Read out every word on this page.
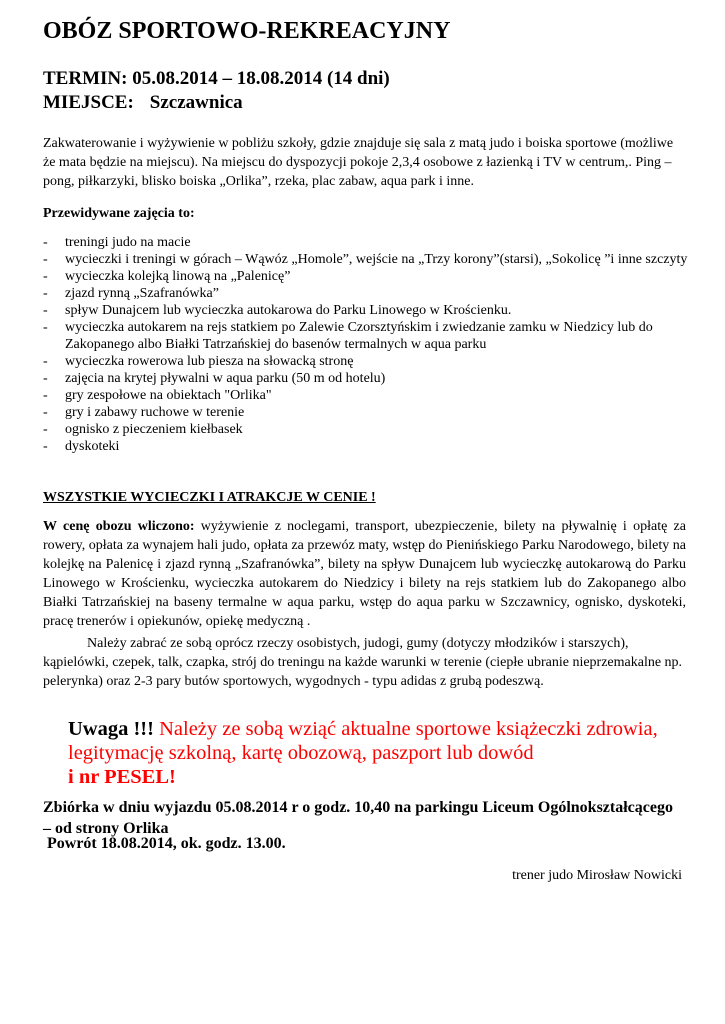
OBÓZ SPORTOWO-REKREACYJNY
TERMIN: 05.08.2014 – 18.08.2014 (14 dni)
MIEJSCE: Szczawnica

Zakwaterowanie i wyżywienie w pobliżu szkoły, gdzie znajduje się sala z matą judo i boiska sportowe (możliwe że mata będzie na miejscu). Na miejscu do dyspozycji pokoje 2,3,4 osobowe z łazienką i TV w centrum,. Ping –pong, piłkarzyki, blisko boiska „Orlika”, rzeka, plac zabaw, aqua park i inne.

Przewidywane zajęcia to:
- treningi judo na macie
- wycieczki i treningi w górach – Wąwóz „Homole”, wejście na „Trzy korony”(starsi), „Sokolicę ”i inne szczyty
- wycieczka kolejką linową na „Palenicę”
- zjazd rynną „Szafranówka”
- spływ Dunajcem lub wycieczka autokarowa do Parku Linowego w Krościenku.
- wycieczka autokarem na rejs statkiem po Zalewie Czorsztyńskim i zwiedzanie zamku w Niedzicy lub do Zakopanego albo Białki Tatrzańskiej do basenów termalnych w aqua parku
- wycieczka rowerowa lub piesza na słowacką stronę
- zajęcia na krytej pływalni w aqua parku (50 m od hotelu)
- gry zespołowe na obiektach "Orlika"
- gry i zabawy ruchowe w terenie
- ognisko z pieczeniem kiełbasek
- dyskoteki
WSZYSTKIE WYCIECZKI I ATRAKCJE W CENIE !

W cenę obozu wliczono: wyżywienie z noclegami, transport, ubezpieczenie, bilety na pływalnię i opłatę za rowery, opłata za wynajem hali judo, opłata za przewóz maty, wstęp do Pienińskiego Parku Narodowego, bilety na kolejkę na Palenicę i zjazd rynną „Szafranówka”, bilety na spływ Dunajcem lub wycieczkę autokarową do Parku Linowego w Krościenku, wycieczka autokarem do Niedzicy i bilety na rejs statkiem lub do Zakopanego albo Białki Tatrzańskiej na baseny termalne w aqua parku, wstęp do aqua parku w Szczawnicy, ognisko, dyskoteki, pracę trenerów i opiekunów, opiekę medyczną .

Należy zabrać ze sobą oprócz rzeczy osobistych, judogi, gumy (dotyczy młodzików i starszych), kąpielówki, czepek, talk, czapka, strój do treningu na każde warunki w terenie (ciepłe ubranie nieprzemakalne np. pelerynka) oraz 2-3 pary butów sportowych, wygodnych - typu adidas z grubą podeszwą.

Uwaga !!! Należy ze sobą wziąć aktualne sportowe książeczki zdrowia, legitymację szkolną, kartę obozową, paszport lub dowód
i nr PESEL!

Zbiórka w dniu wyjazdu 05.08.2014 r o godz. 10,40 na parkingu Liceum Ogólnokształcącego – od strony Orlika

Powrót 18.08.2014, ok. godz. 13.00.
trener judo Mirosław Nowicki
